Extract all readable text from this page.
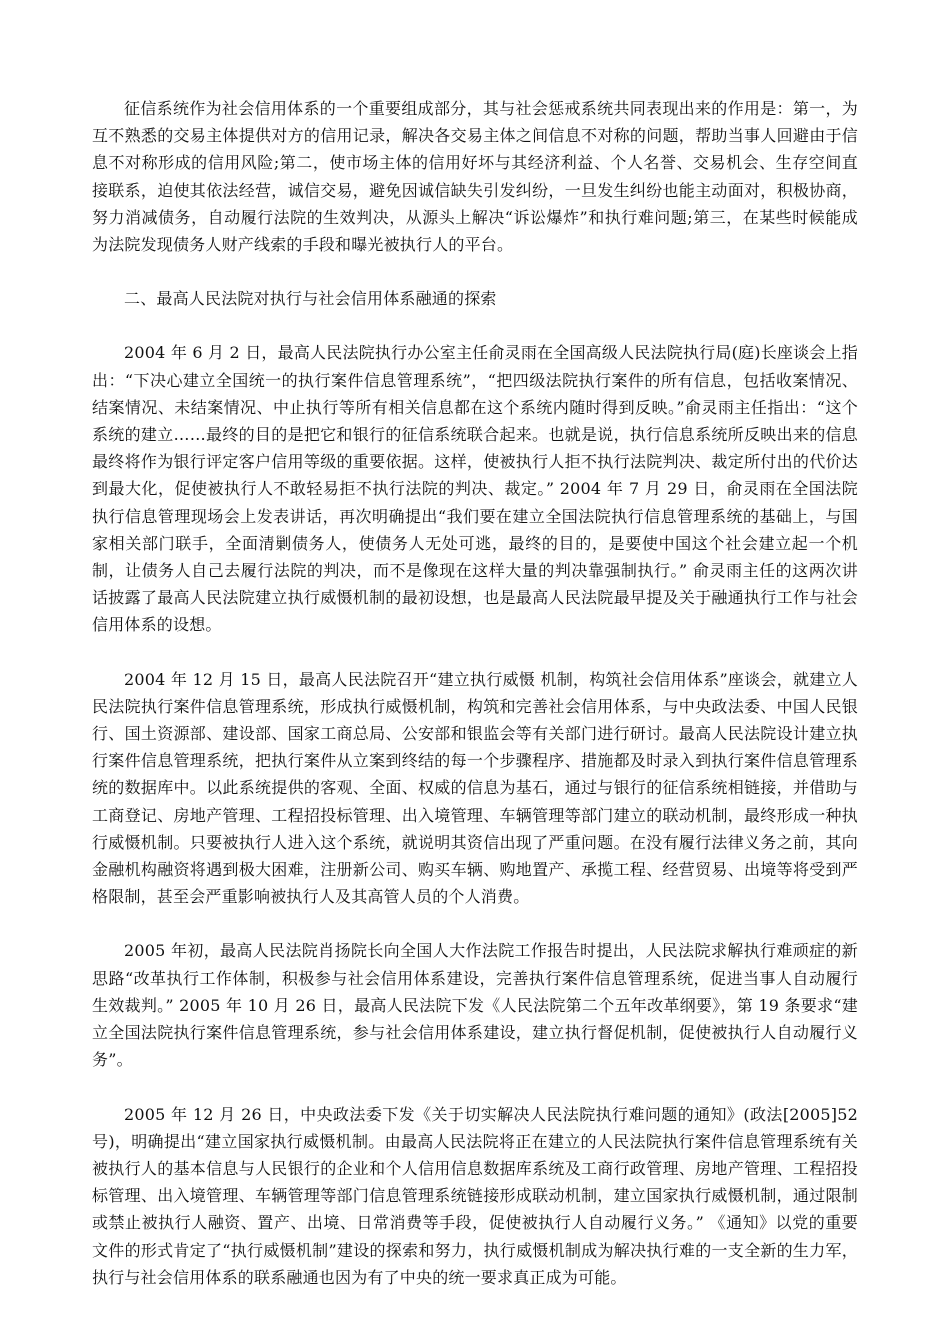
征信系统作为社会信用体系的一个重要组成部分，其与社会惩戒系统共同表现出来的作用是：第一，为互不熟悉的交易主体提供对方的信用记录，解决各交易主体之间信息不对称的问题，帮助当事人回避由于信息不对称形成的信用风险;第二，使市场主体的信用好坏与其经济利益、个人名誉、交易机会、生存空间直接联系，迫使其依法经营，诚信交易，避免因诚信缺失引发纠纷，一旦发生纠纷也能主动面对，积极协商，努力消减债务，自动履行法院的生效判决，从源头上解决“诉讼爆炸”和执行难问题;第三，在某些时候能成为法院发现债务人财产线索的手段和曝光被执行人的平台。

二、最高人民法院对执行与社会信用体系融通的探索

2004 年 6 月 2 日，最高人民法院执行办公室主任俞灵雨在全国高级人民法院执行局(庭)长座谈会上指出：“下决心建立全国统一的执行案件信息管理系统”，“把四级法院执行案件的所有信息，包括收案情况、结案情况、未结案情况、中止执行等所有相关信息都在这个系统内随时得到反映。”俞灵雨主任指出：“这个系统的建立……最终的目的是把它和银行的征信系统联合起来。也就是说，执行信息系统所反映出来的信息最终将作为银行评定客户信用等级的重要依据。这样，使被执行人拒不执行法院判决、裁定所付出的代价达到最大化，促使被执行人不敢轻易拒不执行法院的判决、裁定。” 2004 年 7 月 29 日，俞灵雨在全国法院执行信息管理现场会上发表讲话，再次明确提出“我们要在建立全国法院执行信息管理系统的基础上，与国家相关部门联手，全面清剿债务人，使债务人无处可逃，最终的目的，是要使中国这个社会建立起一个机制，让债务人自己去履行法院的判决，而不是像现在这样大量的判决靠强制执行。” 俞灵雨主任的这两次讲话披露了最高人民法院建立执行威慑机制的最初设想，也是最高人民法院最早提及关于融通执行工作与社会信用体系的设想。

2004 年 12 月 15 日，最高人民法院召开“建立执行威慑 机制，构筑社会信用体系”座谈会，就建立人民法院执行案件信息管理系统，形成执行威慑机制，构筑和完善社会信用体系，与中央政法委、中国人民银行、国土资源部、建设部、国家工商总局、公安部和银监会等有关部门进行研讨。最高人民法院设计建立执行案件信息管理系统，把执行案件从立案到终结的每一个步骤程序、措施都及时录入到执行案件信息管理系统的数据库中。以此系统提供的客观、全面、权威的信息为基石，通过与银行的征信系统相链接，并借助与工商登记、房地产管理、工程招投标管理、出入境管理、车辆管理等部门建立的联动机制，最终形成一种执行威慑机制。只要被执行人进入这个系统，就说明其资信出现了严重问题。在没有履行法律义务之前，其向金融机构融资将遇到极大困难，注册新公司、购买车辆、购地置产、承揽工程、经营贸易、出境等将受到严格限制，甚至会严重影响被执行人及其高管人员的个人消费。

2005 年初，最高人民法院肖扬院长向全国人大作法院工作报告时提出，人民法院求解执行难顽症的新思路“改革执行工作体制，积极参与社会信用体系建设，完善执行案件信息管理系统，促进当事人自动履行生效裁判。” 2005 年 10 月 26 日，最高人民法院下发《人民法院第二个五年改革纲要》，第 19 条要求“建立全国法院执行案件信息管理系统，参与社会信用体系建设，建立执行督促机制，促使被执行人自动履行义务”。

2005 年 12 月 26 日，中央政法委下发《关于切实解决人民法院执行难问题的通知》(政法[2005]52 号)，明确提出“建立国家执行威慑机制。由最高人民法院将正在建立的人民法院执行案件信息管理系统有关被执行人的基本信息与人民银行的企业和个人信用信息数据库系统及工商行政管理、房地产管理、工程招投标管理、出入境管理、车辆管理等部门信息管理系统链接形成联动机制，建立国家执行威慑机制，通过限制或禁止被执行人融资、置产、出境、日常消费等手段，促使被执行人自动履行义务。” 《通知》以党的重要文件的形式肯定了“执行威慑机制”建设的探索和努力，执行威慑机制成为解决执行难的一支全新的生力军，执行与社会信用体系的联系融通也因为有了中央的统一要求真正成为可能。
